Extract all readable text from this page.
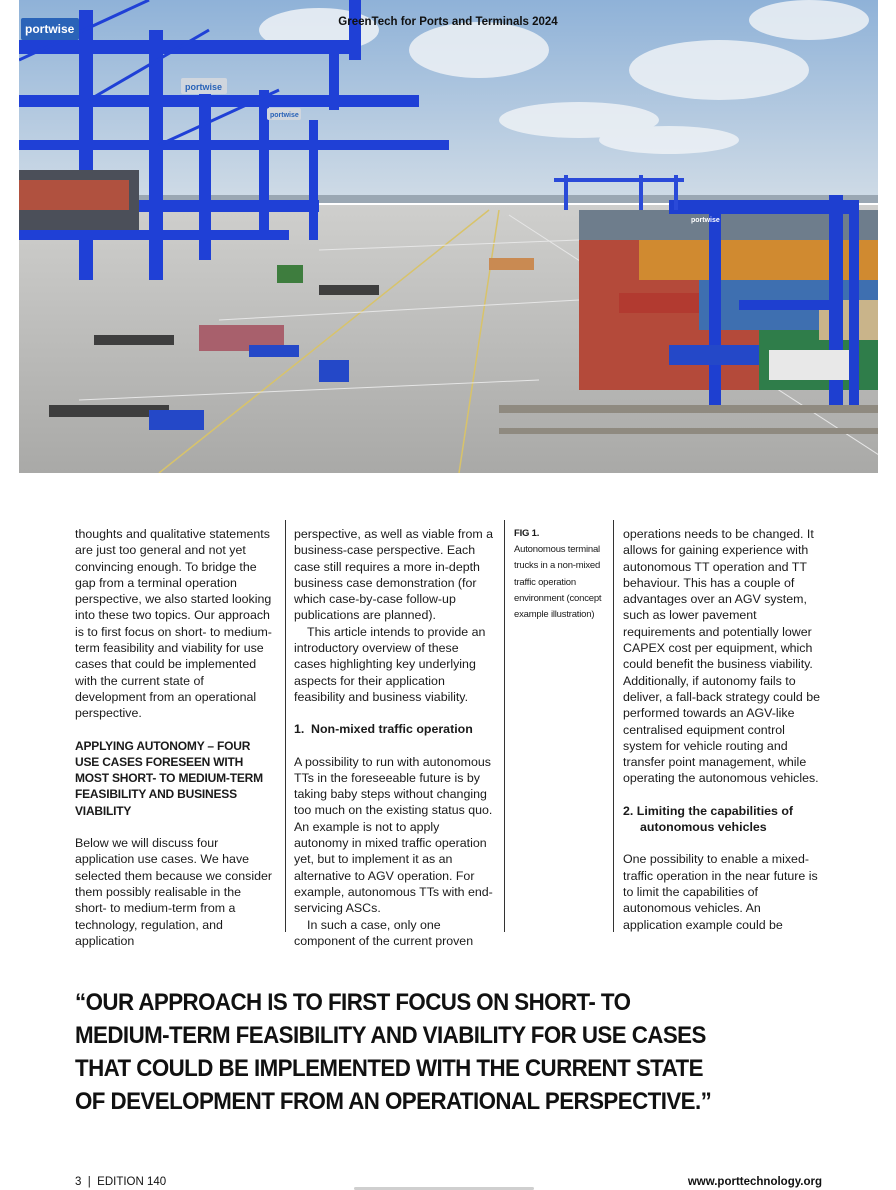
portwise
portwise
portwise
portwise
GreenTech for Ports and Terminals 2024

thoughts and qualitative statements are just too general and not yet convincing enough. To bridge the gap from a terminal operation perspective, we also started looking into these two topics. Our approach is to first focus on short- to medium-term feasibility and viability for use cases that could be implemented with the current state of development from an operational perspective.

APPLYING AUTONOMY – FOUR USE CASES FORESEEN WITH MOST SHORT- TO MEDIUM-TERM FEASIBILITY AND BUSINESS VIABILITY

Below we will discuss four application use cases. We have selected them because we consider them possibly realisable in the short- to medium-term from a technology, regulation, and application

perspective, as well as viable from a business-case perspective. Each case still requires a more in-depth business case demonstration (for which case-by-case follow-up publications are planned).

This article intends to provide an introductory overview of these cases highlighting key underlying aspects for their application feasibility and business viability.

1. Non-mixed traffic operation

A possibility to run with autonomous TTs in the foreseeable future is by taking baby steps without changing too much on the existing status quo. An example is not to apply autonomy in mixed traffic operation yet, but to implement it as an alternative to AGV operation. For example, autonomous TTs with end-servicing ASCs.

In such a case, only one component of the current proven

FIG 1.
Autonomous terminal trucks in a non-mixed traffic operation environment (concept example illustration)

operations needs to be changed. It allows for gaining experience with autonomous TT operation and TT behaviour. This has a couple of advantages over an AGV system, such as lower pavement requirements and potentially lower CAPEX cost per equipment, which could benefit the business viability. Additionally, if autonomy fails to deliver, a fall-back strategy could be performed towards an AGV-like centralised equipment control system for vehicle routing and transfer point management, while operating the autonomous vehicles.

2. Limiting the capabilities of autonomous vehicles

One possibility to enable a mixed-traffic operation in the near future is to limit the capabilities of autonomous vehicles. An application example could be

“OUR APPROACH IS TO FIRST FOCUS ON SHORT- TO MEDIUM-TERM FEASIBILITY AND VIABILITY FOR USE CASES THAT COULD BE IMPLEMENTED WITH THE CURRENT STATE OF DEVELOPMENT FROM AN OPERATIONAL PERSPECTIVE.”
3  |  EDITION 140	www.porttechnology.org
